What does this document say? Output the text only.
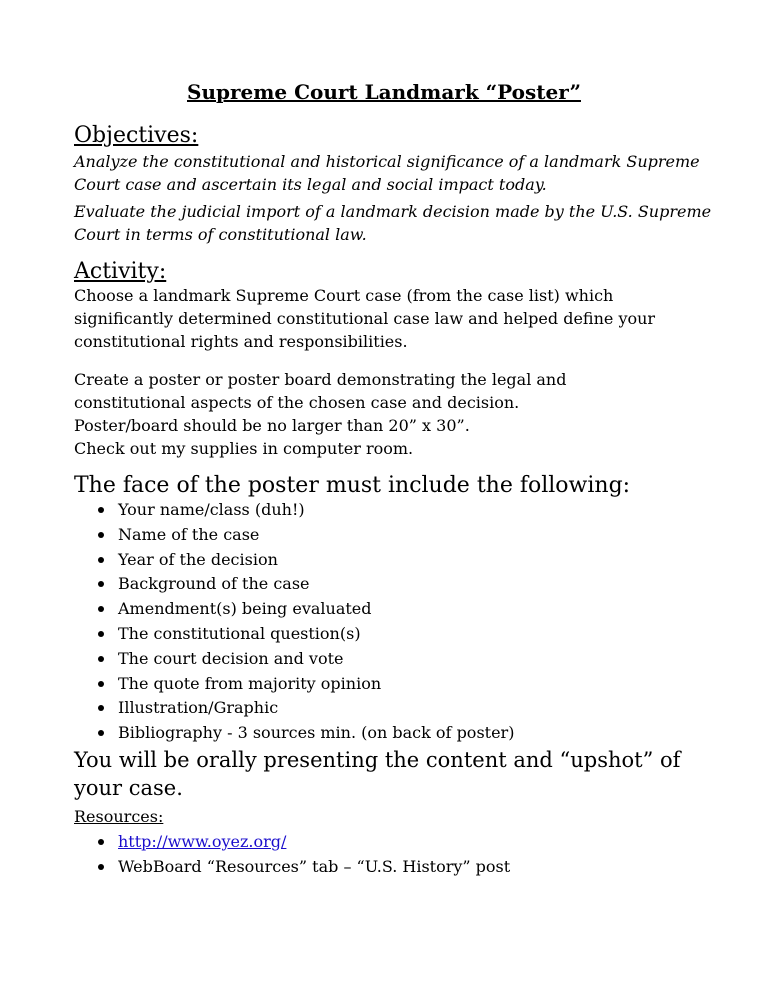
Supreme Court Landmark “Poster”
Objectives:
Analyze the constitutional and historical significance of a landmark Supreme Court case and ascertain its legal and social impact today.
Evaluate the judicial import of a landmark decision made by the U.S. Supreme Court in terms of constitutional law.
Activity:
Choose a landmark Supreme Court case (from the case list) which significantly determined constitutional case law and helped define your constitutional rights and responsibilities.

Create a poster or poster board demonstrating the legal and

constitutional aspects of the chosen case and decision.

Poster/board should be no larger than 20” x 30”.

Check out my supplies in computer room.

The face of the poster must include the following:
Your name/class (duh!)
Name of the case
Year of the decision
Background of the case
Amendment(s) being evaluated
The constitutional question(s)
The court decision and vote
The quote from majority opinion
Illustration/Graphic
Bibliography - 3 sources min. (on back of poster)
You will be orally presenting the content and “upshot” of your case.
Resources:
http://www.oyez.org/
WebBoard “Resources” tab – “U.S. History” post
